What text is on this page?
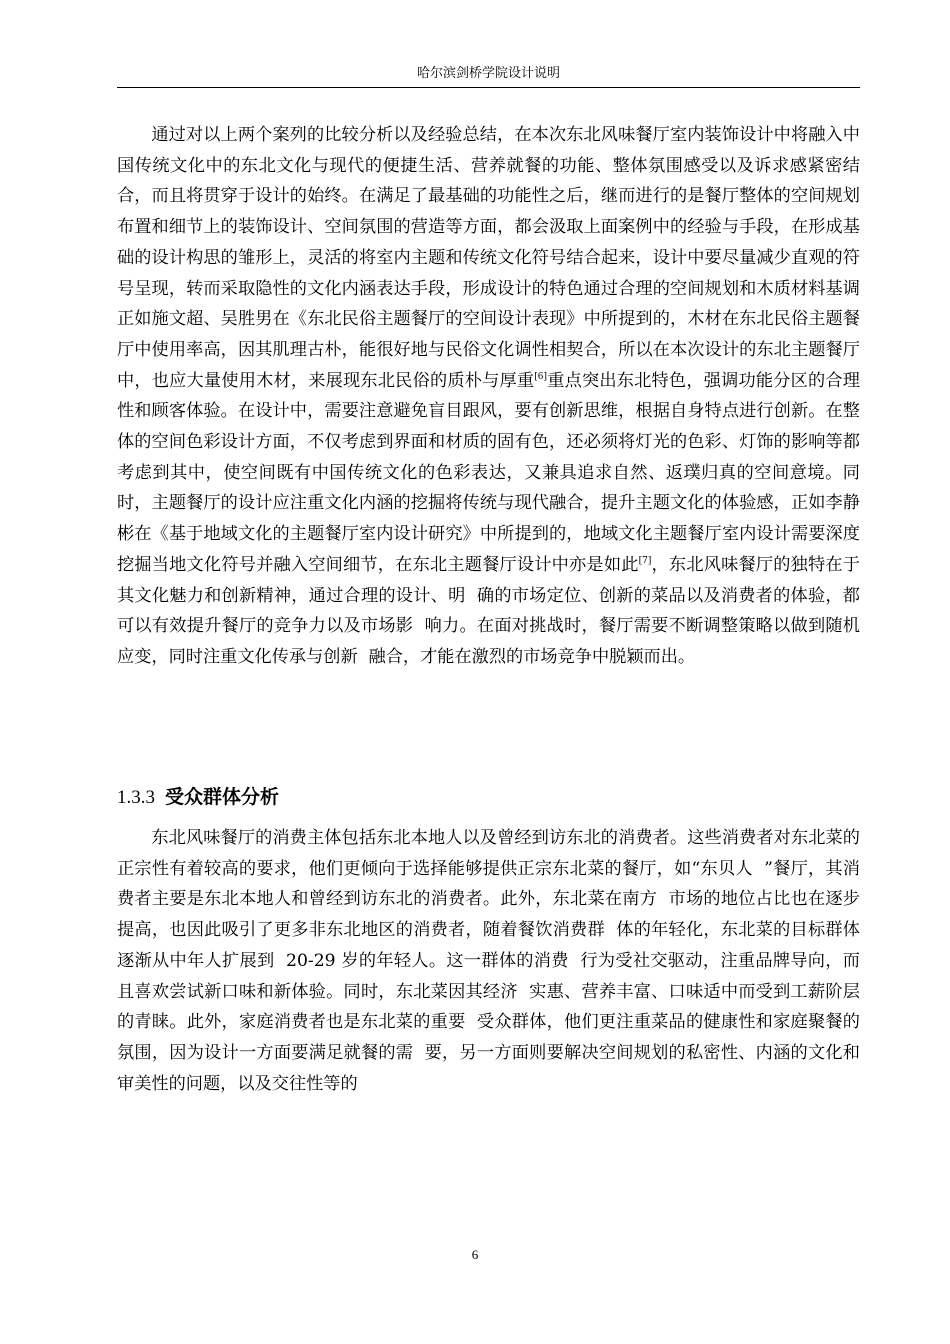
哈尔滨剑桥学院设计说明

通过对以上两个案列的比较分析以及经验总结，在本次东北风味餐厅室内装饰设计中将融入中国传统文化中的东北文化与现代的便捷生活、营养就餐的功能、整体氛围感受以及诉求感紧密结合，而且将贯穿于设计的始终。在满足了最基础的功能性之后，继而进行的是餐厅整体的空间规划布置和细节上的装饰设计、空间氛围的营造等方面，都会汲取上面案例中的经验与手段，在形成基础的设计构思的雏形上，灵活的将室内主题和传统文化符号结合起来，设计中要尽量减少直观的符号呈现，转而采取隐性的文化内涵表达手段，形成设计的特色通过合理的空间规划和木质材料基调正如施文超、吴胜男在《东北民俗主题餐厅的空间设计表现》中所提到的，木材在东北民俗主题餐厅中使用率高，因其肌理古朴，能很好地与民俗文化调性相契合，所以在本次设计的东北主题餐厅中，也应大量使用木材，来展现东北民俗的质朴与厚重[6]重点突出东北特色，强调功能分区的合理性和顾客体验。在设计中，需要注意避免盲目跟风，要有创新思维，根据自身特点进行创新。在整体的空间色彩设计方面，不仅考虑到界面和材质的固有色，还必须将灯光的色彩、灯饰的影响等都考虑到其中，使空间既有中国传统文化的色彩表达，又兼具追求自然、返璞归真的空间意境。同时，主题餐厅的设计应注重文化内涵的挖掘将传统与现代融合，提升主题文化的体验感，正如李静彬在《基于地域文化的主题餐厅室内设计研究》中所提到的，地域文化主题餐厅室内设计需要深度挖掘当地文化符号并融入空间细节，在东北主题餐厅设计中亦是如此[7]，东北风味餐厅的独特在于其文化魅力和创新精神，通过合理的设计、明  确的市场定位、创新的菜品以及消费者的体验，都可以有效提升餐厅的竞争力以及市场影  响力。在面对挑战时，餐厅需要不断调整策略以做到随机应变，同时注重文化传承与创新  融合，才能在激烈的市场竞争中脱颖而出。

1.3.3 受众群体分析

东北风味餐厅的消费主体包括东北本地人以及曾经到访东北的消费者。这些消费者对东北菜的正宗性有着较高的要求，他们更倾向于选择能够提供正宗东北菜的餐厅，如“东贝人  ”餐厅，其消费者主要是东北本地人和曾经到访东北的消费者。此外，东北菜在南方  市场的地位占比也在逐步提高，也因此吸引了更多非东北地区的消费者，随着餐饮消费群  体的年轻化，东北菜的目标群体逐渐从中年人扩展到  20-29 岁的年轻人。这一群体的消费  行为受社交驱动，注重品牌导向，而且喜欢尝试新口味和新体验。同时，东北菜因其经济  实惠、营养丰富、口味适中而受到工薪阶层的青睐。此外，家庭消费者也是东北菜的重要  受众群体，他们更注重菜品的健康性和家庭聚餐的氛围，因为设计一方面要满足就餐的需  要，另一方面则要解决空间规划的私密性、内涵的文化和审美性的问题，以及交往性等的

6
